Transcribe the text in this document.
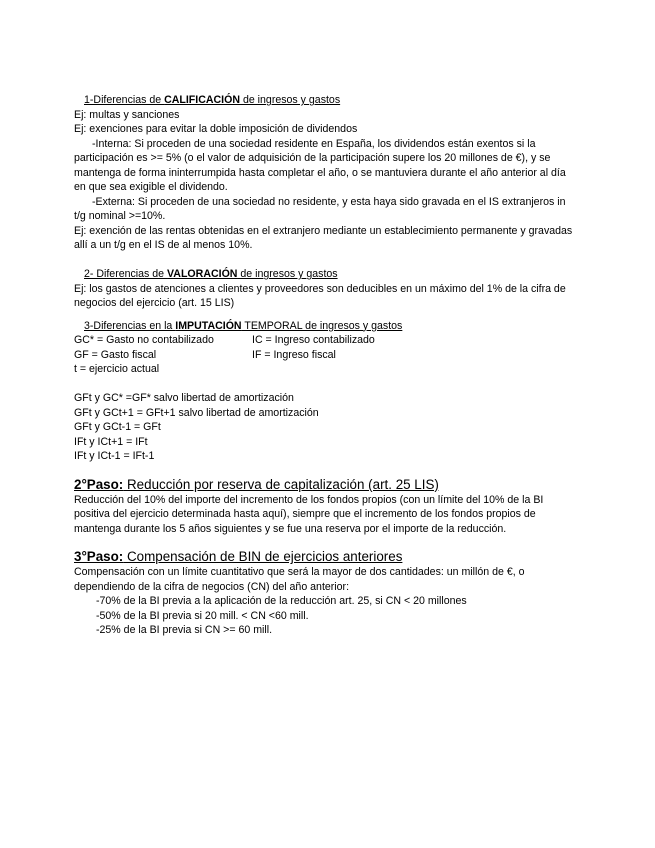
1-Diferencias de CALIFICACIÓN de ingresos y gastos
Ej: multas y sanciones
Ej: exenciones para evitar la doble imposición de dividendos
-Interna: Si proceden de una sociedad residente en España, los dividendos están exentos si la participación es >= 5% (o el valor de adquisición de la participación supere los 20 millones de €), y se mantenga de forma ininterrumpida hasta completar el año, o se mantuviera durante el año anterior al día en que sea exigible el dividendo.
-Externa: Si proceden de una sociedad no residente, y esta haya sido gravada en el IS extranjeros in t/g nominal >=10%.
Ej: exención de las rentas obtenidas en el extranjero mediante un establecimiento permanente y gravadas allí a un t/g en el IS de al menos 10%.
2- Diferencias de VALORACIÓN de ingresos y gastos
Ej: los gastos de atenciones a clientes y proveedores son deducibles en un máximo del 1% de la cifra de negocios del ejercicio (art. 15 LIS)
3-Diferencias en la IMPUTACIÓN TEMPORAL de ingresos y gastos
GC* = Gasto no contabilizado	IC = Ingreso contabilizado
GF = Gasto fiscal	IF = Ingreso fiscal
t = ejercicio actual
GFt y GC* =GF* salvo libertad de amortización
GFt y GCt+1 = GFt+1 salvo libertad de amortización
GFt y GCt-1 = GFt
IFt y ICt+1 = IFt
IFt y ICt-1 = IFt-1
2°Paso: Reducción por reserva de capitalización (art. 25 LIS)
Reducción del 10% del importe del incremento de los fondos propios (con un límite del 10% de la BI positiva del ejercicio determinada hasta aquí), siempre que el incremento de los fondos propios de mantenga durante los 5 años siguientes y se fue una reserva por el importe de la reducción.
3°Paso: Compensación de BIN de ejercicios anteriores
Compensación con un límite cuantitativo que será la mayor de dos cantidades: un millón de €, o dependiendo de la cifra de negocios (CN) del año anterior:
-70% de la BI previa a la aplicación de la reducción art. 25, si CN < 20 millones
-50% de la BI previa si 20 mill. < CN <60 mill.
-25% de la BI previa si CN >= 60 mill.
